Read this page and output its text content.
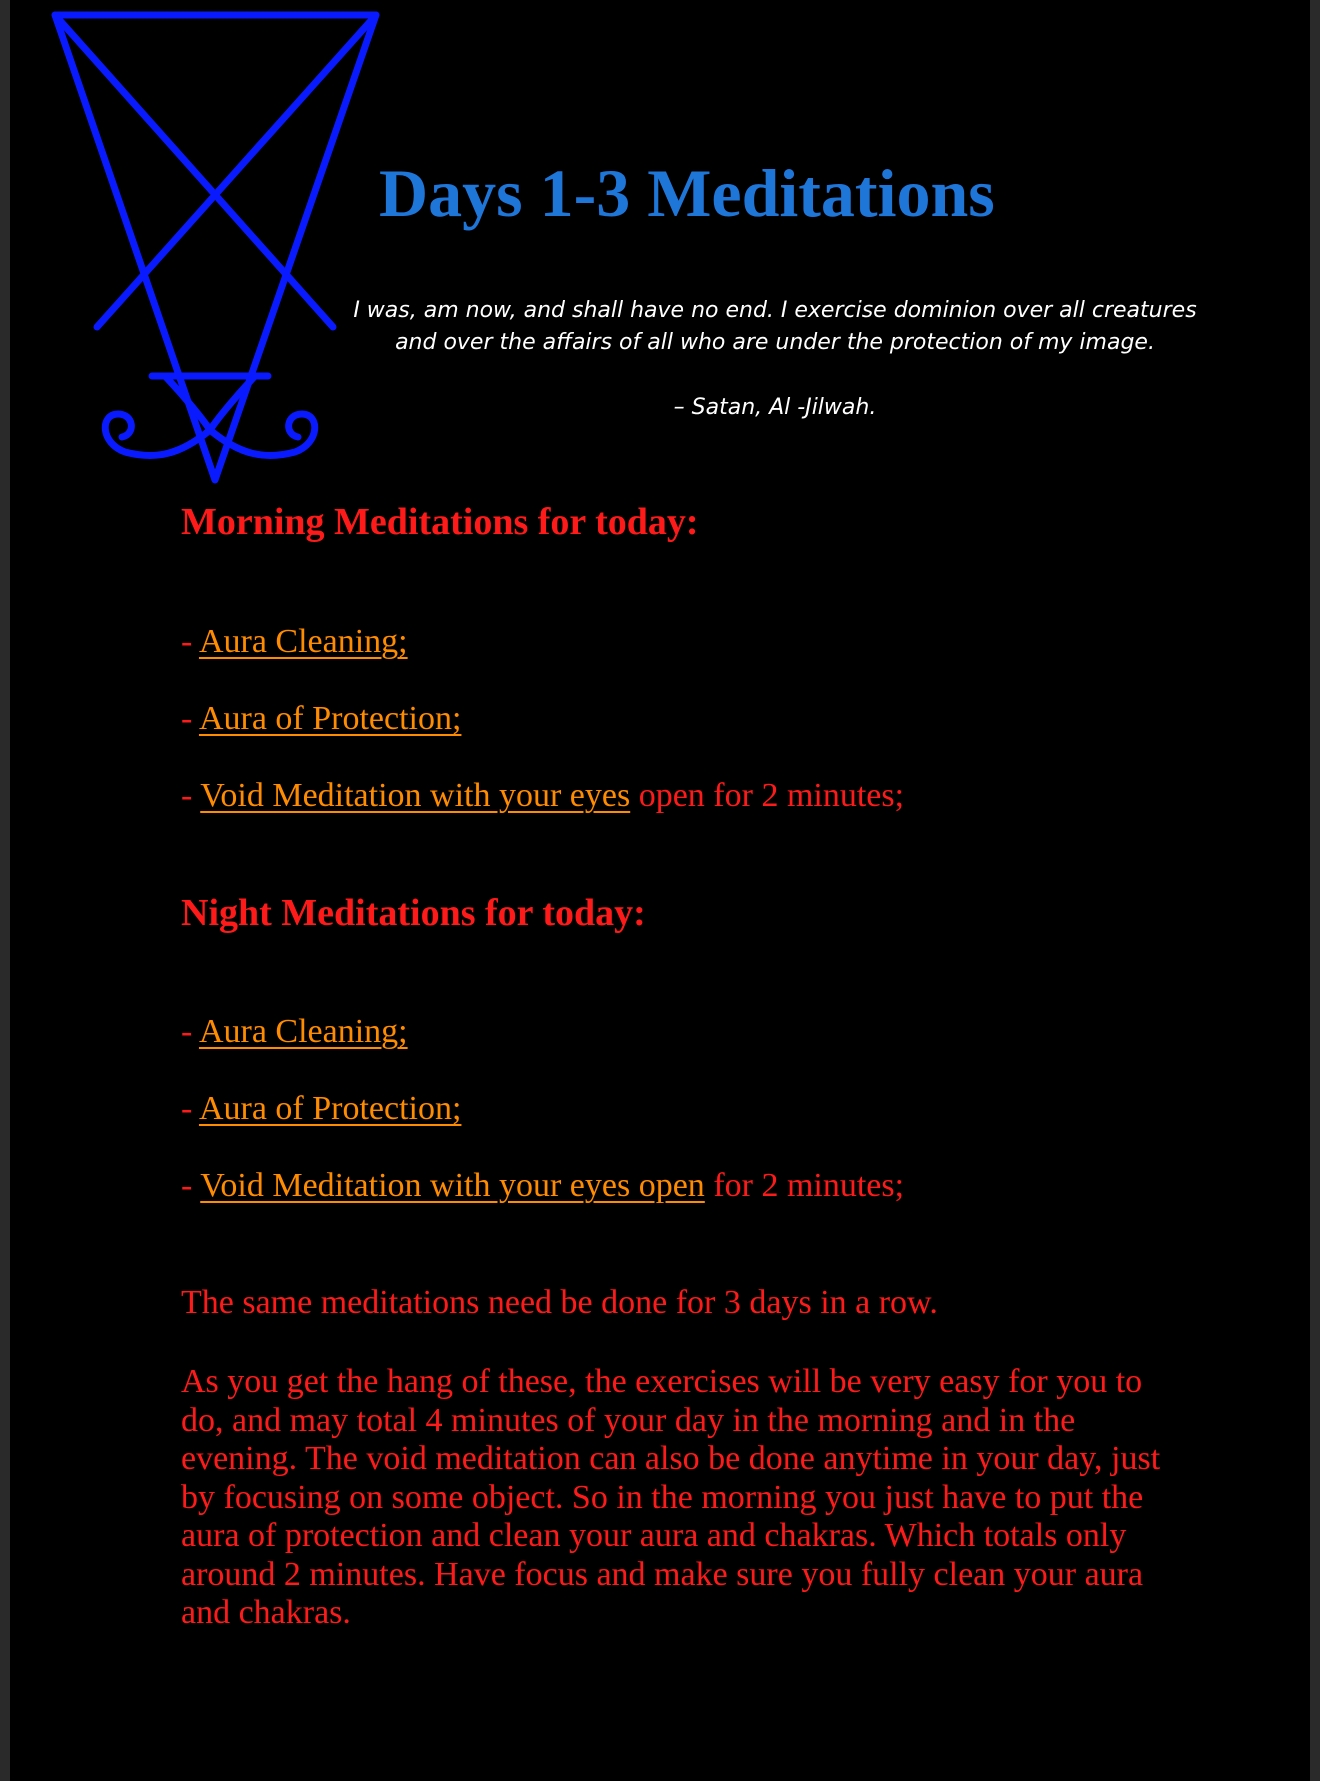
Days 1-3 Meditations
I was, am now, and shall have no end. I exercise dominion over all creatures
and over the affairs of all who are under the protection of my image.
– Satan, Al -Jilwah.
Morning Meditations for today:
- Aura Cleaning;
- Aura of Protection;
- Void Meditation with your eyes open for 2 minutes;
Night Meditations for today:
- Aura Cleaning;
- Aura of Protection;
- Void Meditation with your eyes open for 2 minutes;

The same meditations need be done for 3 days in a row.

As you get the hang of these, the exercises will be very easy for you to do, and may total 4 minutes of your day in the morning and in the evening. The void meditation can also be done anytime in your day, just by focusing on some object. So in the morning you just have to put the aura of protection and clean your aura and chakras. Which totals only around 2 minutes. Have focus and make sure you fully clean your aura and chakras.
